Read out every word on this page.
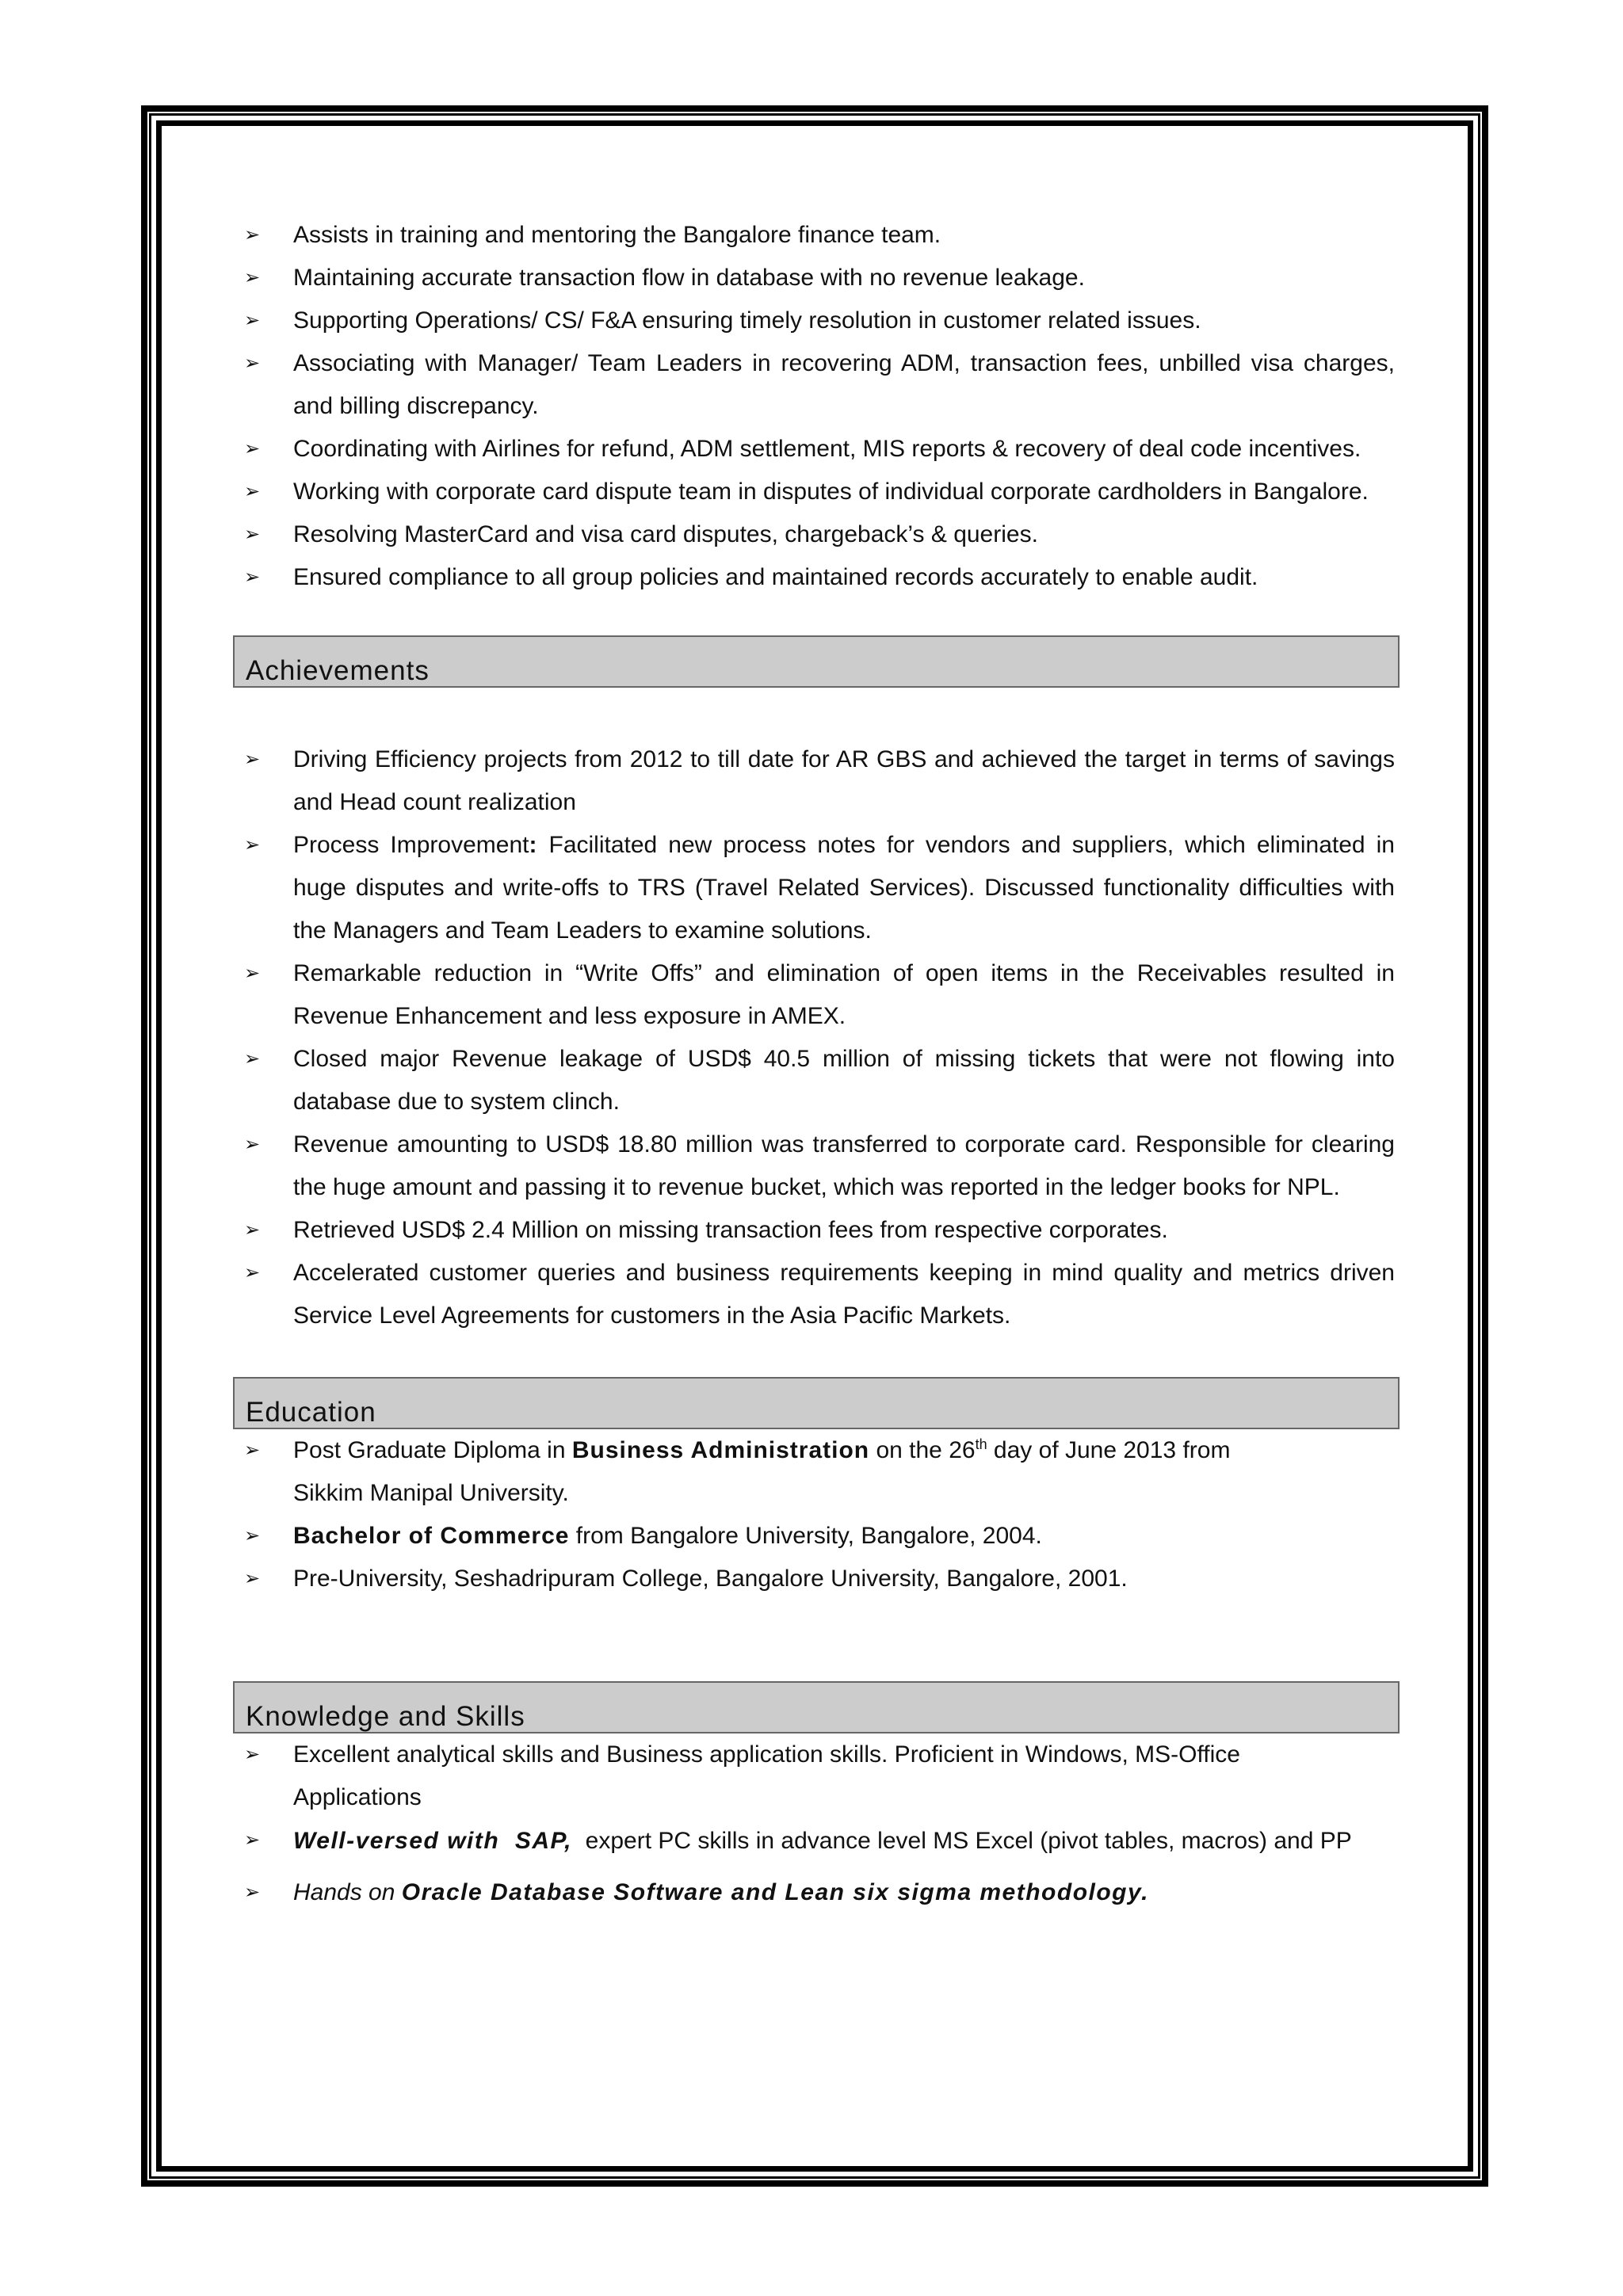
➢ Assists in training and mentoring the Bangalore finance team.
➢ Maintaining accurate transaction flow in database with no revenue leakage.
➢ Supporting Operations/ CS/ F&A ensuring timely resolution in customer related issues.
➢ Associating with Manager/ Team Leaders in recovering ADM, transaction fees, unbilled visa charges, and billing discrepancy.
➢ Coordinating with Airlines for refund, ADM settlement, MIS reports & recovery of deal code incentives.
➢ Working with corporate card dispute team in disputes of individual corporate cardholders in Bangalore.
➢ Resolving MasterCard and visa card disputes, chargeback’s & queries.
➢ Ensured compliance to all group policies and maintained records accurately to enable audit.
Achievements
➢ Driving Efficiency projects from 2012 to till date for AR GBS and achieved the target in terms of savings and Head count realization
➢ Process Improvement: Facilitated new process notes for vendors and suppliers, which eliminated in huge disputes and write-offs to TRS (Travel Related Services). Discussed functionality difficulties with the Managers and Team Leaders to examine solutions.
➢ Remarkable reduction in “Write Offs” and elimination of open items in the Receivables resulted in Revenue Enhancement and less exposure in AMEX.
➢ Closed major Revenue leakage of USD$ 40.5 million of missing tickets that were not flowing into database due to system clinch.
➢ Revenue amounting to USD$ 18.80 million was transferred to corporate card. Responsible for clearing the huge amount and passing it to revenue bucket, which was reported in the ledger books for NPL.
➢ Retrieved USD$ 2.4 Million on missing transaction fees from respective corporates.
➢ Accelerated customer queries and business requirements keeping in mind quality and metrics driven Service Level Agreements for customers in the Asia Pacific Markets.
Education
➢ Post Graduate Diploma in Business Administration on the 26th day of June 2013 from
Sikkim Manipal University.
➢ Bachelor of Commerce from Bangalore University, Bangalore, 2004.
➢ Pre-University, Seshadripuram College, Bangalore University, Bangalore, 2001.
Knowledge and Skills
➢ Excellent analytical skills and Business application skills. Proficient in Windows, MS-Office
Applications
➢ Well-versed with  SAP,  expert PC skills in advance level MS Excel (pivot tables, macros) and PP
➢ Hands on Oracle Database Software and Lean six sigma methodology.
